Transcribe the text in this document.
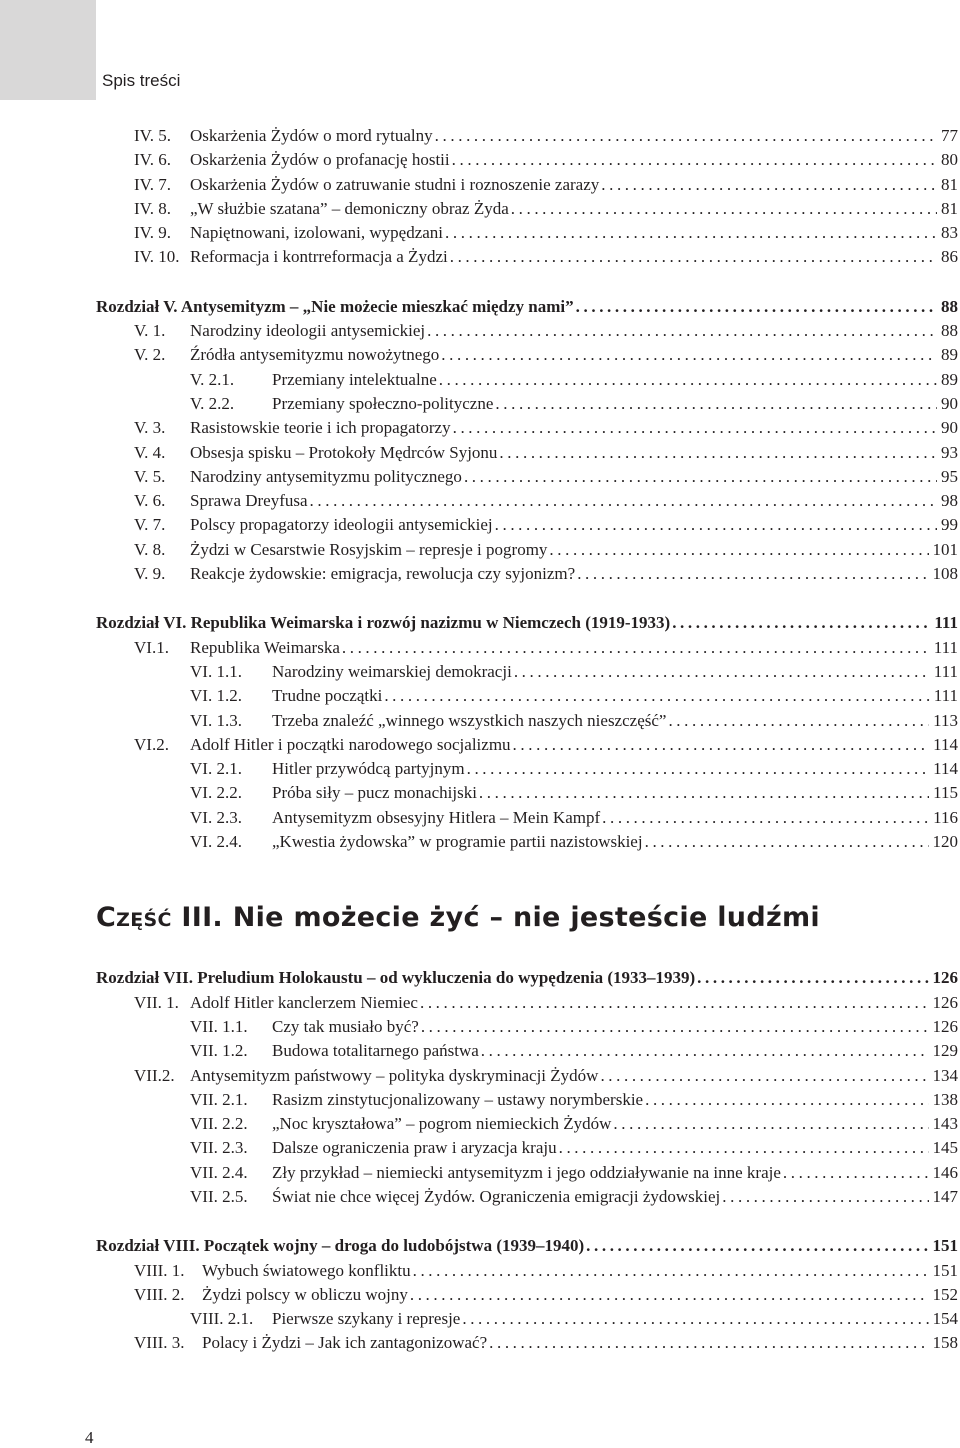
Spis treści
IV. 5. Oskarżenia Żydów o mord rytualny .....	77
IV. 6. Oskarżenia Żydów o profanację hostii .....	80
IV. 7. Oskarżenia Żydów o zatruwanie studni i roznoszenie zarazy .....	81
IV. 8. „W służbie szatana” – demoniczny obraz Żyda .....	81
IV. 9. Napiętnowani, izolowani, wypędzani .....	83
IV. 10. Reformacja i kontrreformacja a Żydzi .....	86
Rozdział V. Antysemityzm – „Nie możecie mieszkać między nami” .....	88
V. 1. Narodziny ideologii antysemickiej .....	88
V. 2. Źródła antysemityzmu nowożytnego .....	89
V. 2.1. Przemiany intelektualne .....	89
V. 2.2. Przemiany społeczno-polityczne .....	90
V. 3. Rasistowskie teorie i ich propagatorzy .....	90
V. 4. Obsesja spisku – Protokoły Mędrców Syjonu .....	93
V. 5. Narodziny antysemityzmu politycznego .....	95
V. 6. Sprawa Dreyfusa .....	98
V. 7. Polscy propagatorzy ideologii antysemickiej .....	99
V. 8. Żydzi w Cesarstwie Rosyjskim – represje i pogromy .....	101
V. 9. Reakcje żydowskie: emigracja, rewolucja czy syjonizm? .....	108
Rozdział VI. Republika Weimarska i rozwój nazizmu w Niemczech (1919-1933) .....	111
VI.1. Republika Weimarska .....	111
VI. 1.1. Narodziny weimarskiej demokracji .....	111
VI. 1.2. Trudne początki .....	111
VI. 1.3. Trzeba znaleźć „winnego wszystkich naszych nieszczęść” .....	113
VI.2. Adolf Hitler i początki narodowego socjalizmu .....	114
VI. 2.1. Hitler przywódcą partyjnym .....	114
VI. 2.2. Próba siły – pucz monachijski .....	115
VI. 2.3. Antysemityzm obsesyjny Hitlera – Mein Kampf .....	116
VI. 2.4. „Kwestia żydowska” w programie partii nazistowskiej .....	120
Część III. Nie możecie żyć – nie jesteście ludźmi
Rozdział VII. Preludium Holokaustu – od wykluczenia do wypędzenia (1933–1939) .....	126
VII. 1. Adolf Hitler kanclerzem Niemiec .....	126
VII. 1.1. Czy tak musiało być? .....	126
VII. 1.2. Budowa totalitarnego państwa .....	129
VII.2. Antysemityzm państwowy – polityka dyskryminacji Żydów .....	134
VII. 2.1. Rasizm zinstytucjonalizowany – ustawy norymberskie .....	138
VII. 2.2. „Noc kryształowa” – pogrom niemieckich Żydów .....	143
VII. 2.3. Dalsze ograniczenia praw i aryzacja kraju .....	145
VII. 2.4. Zły przykład – niemiecki antysemityzm i jego oddziaływanie na inne kraje .....	146
VII. 2.5. Świat nie chce więcej Żydów. Ograniczenia emigracji żydowskiej .....	147
Rozdział VIII. Początek wojny – droga do ludobójstwa (1939–1940) .....	151
VIII. 1. Wybuch światowego konfliktu .....	151
VIII. 2. Żydzi polscy w obliczu wojny .....	152
VIII. 2.1. Pierwsze szykany i represje .....	154
VIII. 3. Polacy i Żydzi – Jak ich zantagonizować? .....	158
4
